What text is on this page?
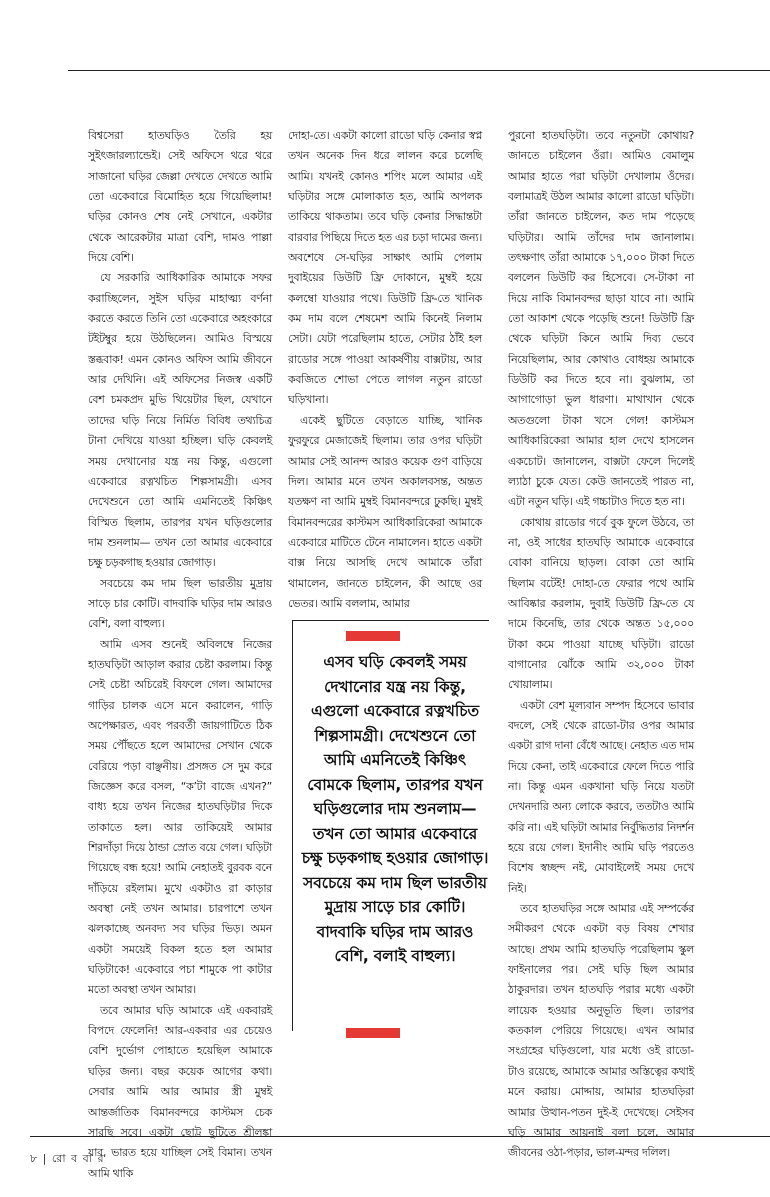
বিশ্বসেরা হাতঘড়িও তৈরি হয় সুইৎজারল্যান্ডেই। সেই অফিসে থরে থরে সাজানো ঘড়ির জেল্লা দেখতে দেখতে আমি তো একেবারে বিমোহিত হয়ে গিয়েছিলাম! ঘড়ির কোনও শেষ নেই সেখানে, একটার থেকে আরেকটার মাত্রা বেশি, দামও পাল্লা দিয়ে বেশি।

যে সরকারি আধিকারিক আমাকে সফর করাচ্ছিলেন, সুইস ঘড়ির মাহাত্ম্য বর্ণনা করতে করতে তিনি তো একেবারে অহংকারে টইটম্বুর হয়ে উঠছিলেন। আমিও বিস্ময়ে স্তব্ধবাক! এমন কোনও অফিস আমি জীবনে আর দেখিনি। এই অফিসের নিজস্ব একটি বেশ চমকপ্রদ মুভি থিয়েটার ছিল, যেখানে তাদের ঘড়ি নিয়ে নির্মিত বিবিধ তথ্যচিত্র টানা দেখিয়ে যাওয়া হচ্ছিল। ঘড়ি কেবলই সময় দেখানোর যন্ত্র নয় কিন্তু, এগুলো একেবারে রত্নখচিত শিল্পসামগ্রী। এসব দেখেশুনে তো আমি এমনিতেই কিঞ্চিৎ বিস্মিত ছিলাম, তারপর যখন ঘড়িগুলোর দাম শুনলাম— তখন তো আমার একেবারে চক্ষু চড়কগাছ হওয়ার জোগাড়।

সবচেয়ে কম দাম ছিল ভারতীয় মুদ্রায় সাড়ে চার কোটি। বাদবাকি ঘড়ির দাম আরও বেশি, বলা বাহুল্য।

আমি এসব শুনেই অবিলম্বে নিজের হাতঘড়িটা আড়াল করার চেষ্টা করলাম। কিন্তু সেই চেষ্টা অচিরেই বিফলে গেল। আমাদের গাড়ির চালক এসে মনে করালেন, গাড়ি অপেক্ষারত, এবং পরবর্তী জায়গাটিতে ঠিক সময় পৌঁছতে হলে আমাদের সেখান থেকে বেরিয়ে পড়া বাঞ্ছনীয়। প্রসঙ্গত সে দুম করে জিজ্ঞেস করে বসল, “ক’টা বাজে এখন?” বাধ্য হয়ে তখন নিজের হাতঘড়িটার দিকে তাকাতে হল। আর তাকিয়েই আমার শিরদাঁড়া দিয়ে ঠান্ডা স্রোত বয়ে গেল। ঘড়িটা গিয়েছে বন্ধ হয়ে! আমি নেহাতই বুরবক বনে দাঁড়িয়ে রইলাম। মুখে একটাও রা কাড়ার অবস্থা নেই তখন আমার। চারপাশে তখন ঝলকাচ্ছে অনবদ্য সব ঘড়ির ভিড়। অমন একটা সময়েই বিকল হতে হল আমার ঘড়িটাকে! একেবারে পচা শামুকে পা কাটার মতো অবস্থা তখন আমার।

তবে আমার ঘড়ি আমাকে এই একবারই বিপদে ফেলেনি! আর-একবার এর চেয়েও বেশি দুর্ভোগ পোহাতে হয়েছিল আমাকে ঘড়ির জন্য। বছর কয়েক আগের কথা। সেবার আমি আর আমার স্ত্রী মুম্বই আন্তর্জাতিক বিমানবন্দরে কাস্টমস চেক সারছি সবে। একটা ছোট্ট ছুটিতে শ্রীলঙ্কা যাব, ভারত হয়ে যাচ্ছিল সেই বিমান। তখন আমি থাকি

দোহা-তে। একটা কালো রাডো ঘড়ি কেনার স্বপ্ন তখন অনেক দিন ধরে লালন করে চলেছি আমি। যখনই কোনও শপিং মলে আমার এই ঘড়িটার সঙ্গে মোলাকাত হত, আমি অপলক তাকিয়ে থাকতাম। তবে ঘড়ি কেনার সিদ্ধান্তটা বারবার পিছিয়ে দিতে হত এর চড়া দামের জন্য। অবশেষে সে-ঘড়ির সাক্ষাৎ আমি পেলাম দুবাইয়ের ডিউটি ফ্রি দোকানে, মুম্বই হয়ে কলম্বো যাওয়ার পথে। ডিউটি ফ্রি-তে খানিক কম দাম বলে শেষমেশ আমি কিনেই নিলাম সেটা। যেটা পরেছিলাম হাতে, সেটার ঠাঁই হল রাডোর সঙ্গে পাওয়া আকর্ষণীয় বাক্সটায়, আর কবজিতে শোভা পেতে লাগল নতুন রাডো ঘড়িখানা।

একেই ছুটিতে বেড়াতে যাচ্ছি, খানিক ফুরফুরে মেজাজেই ছিলাম। তার ওপর ঘড়িটা আমার সেই আনন্দ আরও কয়েক গুণ বাড়িয়ে দিল। আমার মনে তখন অকালবসন্ত, অন্তত যতক্ষণ না আমি মুম্বই বিমানবন্দরে ঢুকছি। মুম্বই বিমানবন্দরের কাস্টমস আধিকারিকেরা আমাকে একেবারে মাটিতে টেনে নামালেন। হাতে একটা বাক্স নিয়ে আসছি দেখে আমাকে তাঁরা থামালেন, জানতে চাইলেন, কী আছে ওর ভেতর। আমি বললাম, আমার

এসব ঘড়ি কেবলই সময় দেখানোর যন্ত্র নয় কিন্তু, এগুলো একেবারে রত্নখচিত শিল্পসামগ্রী। দেখেশুনে তো আমি এমনিতেই কিঞ্চিৎ বোমকে ছিলাম, তারপর যখন ঘড়িগুলোর দাম শুনলাম— তখন তো আমার একেবারে চক্ষু চড়কগাছ হওয়ার জোগাড়। সবচেয়ে কম দাম ছিল ভারতীয় মুদ্রায় সাড়ে চার কোটি। বাদবাকি ঘড়ির দাম আরও বেশি, বলাই বাহুল্য।

পুরনো হাতঘড়িটা। তবে নতুনটা কোথায়? জানতে চাইলেন ওঁরা। আমিও বেমালুম আমার হাতে পরা ঘড়িটা দেখালাম ওঁদের। বলামাত্রই উঠল আমার কালো রাডো ঘড়িটা। তাঁরা জানতে চাইলেন, কত দাম পড়েছে ঘড়িটার। আমি তাঁদের দাম জানালাম। তৎক্ষণাৎ তাঁরা আমাকে ১৭,০০০ টাকা দিতে বললেন ডিউটি কর হিসেবে। সে-টাকা না দিয়ে নাকি বিমানবন্দর ছাড়া যাবে না। আমি তো আকাশ থেকে পড়েছি শুনে! ডিউটি ফ্রি থেকে ঘড়িটা কিনে আমি দিব্য ভেবে নিয়েছিলাম, আর কোথাও বোধহয় আমাকে ডিউটি কর দিতে হবে না। বুঝলাম, তা আগাগোড়া ভুল ধারণা। মাথাখান থেকে অতগুলো টাকা খসে গেল! কাস্টমস আধিকারিকেরা আমার হাল দেখে হাসলেন একচোট। জানালেন, বাক্সটা ফেলে দিলেই ল্যাঠা চুকে যেত। কেউ জানতেই পারত না, এটা নতুন ঘড়ি। এই গচ্চাটাও দিতে হত না।

কোথায় রাডোর গর্বে বুক ফুলে উঠবে, তা না, ওই সাধের হাতঘড়ি আমাকে একেবারে বোকা বানিয়ে ছাড়ল। বোকা তো আমি ছিলাম বটেই! দোহা-তে ফেরার পথে আমি আবিষ্কার করলাম, দুবাই ডিউটি ফ্রি-তে যে দামে কিনেছি, তার থেকে অন্তত ১৫,০০০ টাকা কমে পাওয়া যাচ্ছে ঘড়িটা। রাডো বাগানোর ঝোঁকে আমি ৩২,০০০ টাকা খোয়ালাম।

একটা বেশ মূল্যবান সম্পদ হিসেবে ভাবার বদলে, সেই থেকে রাডো-টার ওপর আমার একটা রাগ দানা বেঁধে আছে। নেহাত এত দাম দিয়ে কেনা, তাই একেবারে ফেলে দিতে পারি না। কিন্তু এমন একখানা ঘড়ি নিয়ে যতটা দেখনদারি অন্য লোকে করবে, ততটাও আমি করি না। এই ঘড়িটা আমার নির্বুদ্ধিতার নিদর্শন হয়ে রয়ে গেল। ইদানীং আমি ঘড়ি পরতেও বিশেষ স্বচ্ছন্দ নই, মোবাইলেই সময় দেখে নিই।

তবে হাতঘড়ির সঙ্গে আমার এই সম্পর্কের সমীকরণ থেকে একটা বড় বিষয় শেখার আছে। প্রথম আমি হাতঘড়ি পরেছিলাম স্কুল ফাইনালের পর। সেই ঘড়ি ছিল আমার ঠাকুরদার। তখন হাতঘড়ি পরার মধ্যে একটা লায়েক হওয়ার অনুভূতি ছিল। তারপর কতকাল পেরিয়ে গিয়েছে। এখন আমার সংগ্রহের ঘড়িগুলো, যার মধ্যে ওই রাডো-টাও রয়েছে, আমাকে আমার অস্তিত্বের কথাই মনে করায়। মোদ্দায়, আমার হাতঘড়িরা আমার উত্থান-পতন দুই-ই দেখেছে। সেইসব ঘড়ি আমার আয়নাই বলা চলে, আমার জীবনের ওঠা-পড়ার, ভাল-মন্দর দলিল।

৮ | রো ব বা র
